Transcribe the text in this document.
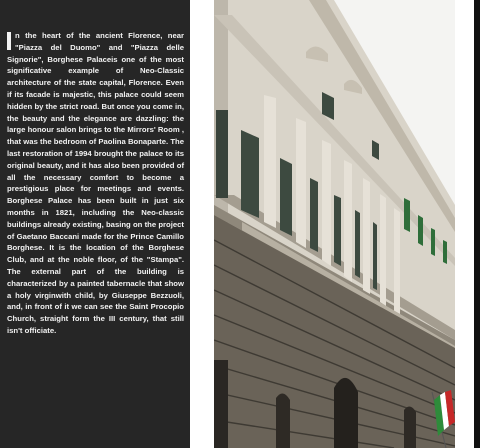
n the heart of the ancient Florence, near "Piazza del Duomo" and "Piazza delle Signorie", Borghese Palaceis one of the most significative example of Neo-Classic architecture of the state capital, Florence. Even if its facade is majestic, this palace could seem hidden by the strict road. But once you come in, the beauty and the elegance are dazzling: the large honour salon brings to the Mirrors' Room , that was the bedroom of Paolina Bonaparte. The last restoration of 1994 brought the palace to its original beauty, and it has also been provided of all the necessary comfort to become a prestigious place for meetings and events. Borghese Palace has been built in just six months in 1821, including the Neo-classic buildings already existing, basing on the project of Gaetano Baccani made for the Prince Camillo Borghese. It is the location of the Borghese Club, and at the noble floor, of the "Stampa". The external part of the building is characterized by a painted tabernacle that show a holy virginwith child, by Giuseppe Bezzuoli, and, in front of it we can see the Saint Procopio Church, straight form the III century, that still isn't officiate.
